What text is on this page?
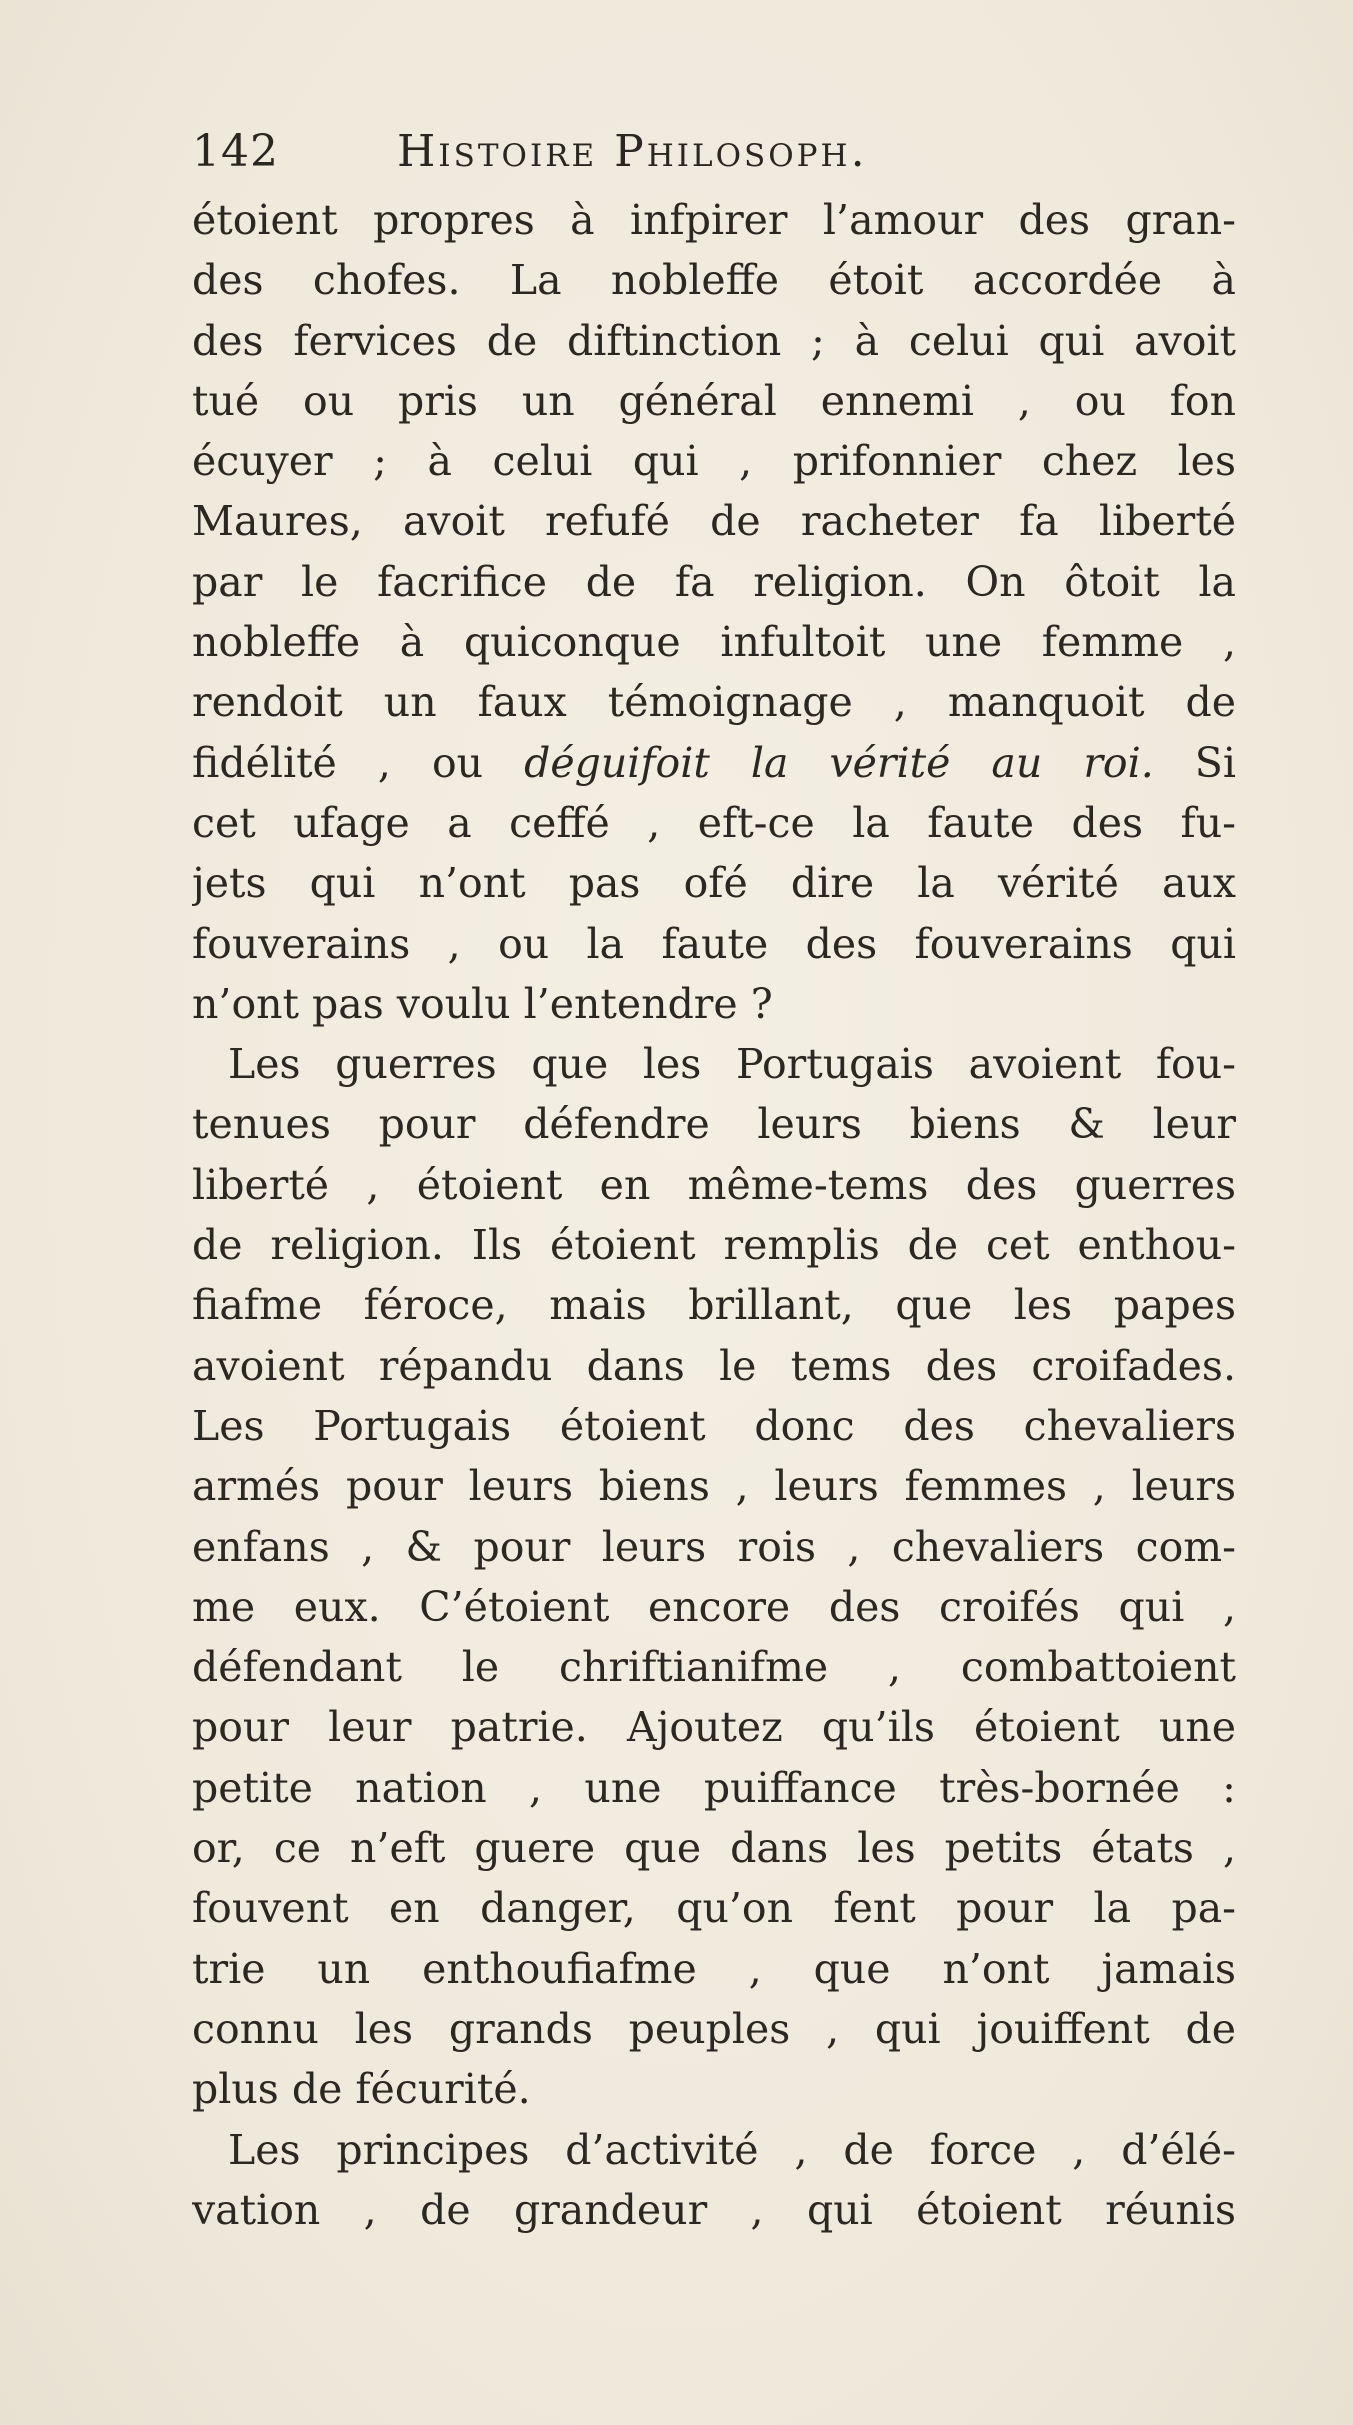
142	Histoire Philosoph.
étoient propres à infpirer l’amour des gran-
des chofes. La nobleffe étoit accordée à
des fervices de diftinction ; à celui qui avoit
tué ou pris un général ennemi , ou fon
écuyer ; à celui qui , prifonnier chez les
Maures, avoit refufé de racheter fa liberté
par le facrifice de fa religion. On ôtoit la
nobleffe à quiconque infultoit une femme ,
rendoit un faux témoignage , manquoit de
fidélité , ou déguifoit la vérité au roi. Si
cet ufage a ceffé , eft-ce la faute des fu-
jets qui n’ont pas ofé dire la vérité aux
fouverains , ou la faute des fouverains qui
n’ont pas voulu l’entendre ?
Les guerres que les Portugais avoient fou-
tenues pour défendre leurs biens & leur
liberté , étoient en même-tems des guerres
de religion. Ils étoient remplis de cet enthou-
fiafme féroce, mais brillant, que les papes
avoient répandu dans le tems des croifades.
Les Portugais étoient donc des chevaliers
armés pour leurs biens , leurs femmes , leurs
enfans , & pour leurs rois , chevaliers com-
me eux. C’étoient encore des croifés qui ,
défendant le chriftianifme , combattoient
pour leur patrie. Ajoutez qu’ils étoient une
petite nation , une puiffance très-bornée :
or, ce n’eft guere que dans les petits états ,
fouvent en danger, qu’on fent pour la pa-
trie un enthoufiafme , que n’ont jamais
connu les grands peuples , qui jouiffent de
plus de fécurité.
Les principes d’activité , de force , d’élé-
vation , de grandeur , qui étoient réunis
